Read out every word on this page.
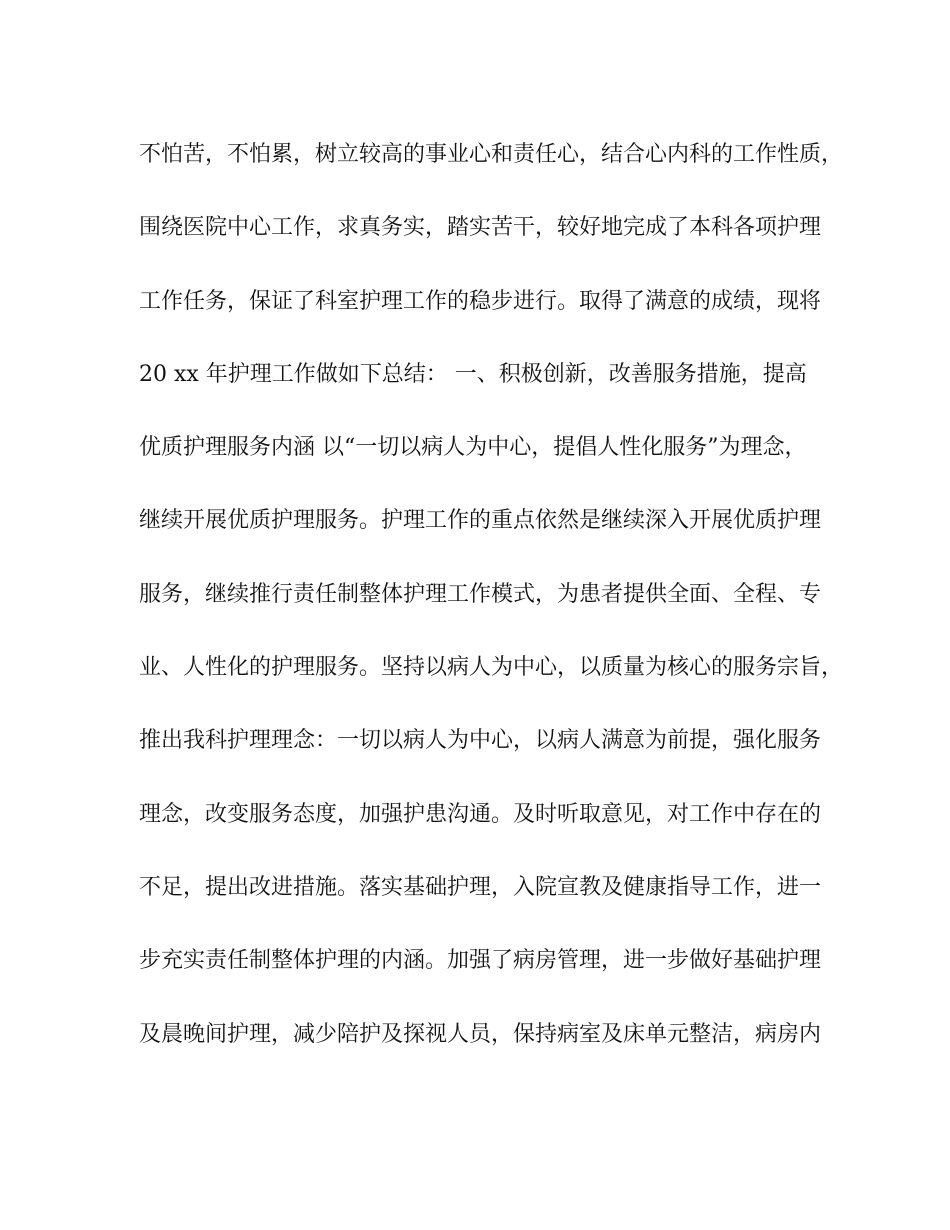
不怕苦，不怕累，树立较高的事业心和责任心，结合心内科的工作性质，
围绕医院中心工作，求真务实，踏实苦干，较好地完成了本科各项护理
工作任务，保证了科室护理工作的稳步进行。取得了满意的成绩，现将
20 xx 年护理工作做如下总结： 一、积极创新，改善服务措施，提高
优质护理服务内涵 以“一切以病人为中心，提倡人性化服务”为理念，
继续开展优质护理服务。护理工作的重点依然是继续深入开展优质护理
服务，继续推行责任制整体护理工作模式，为患者提供全面、全程、专
业、人性化的护理服务。坚持以病人为中心，以质量为核心的服务宗旨，
推出我科护理理念：一切以病人为中心，以病人满意为前提，强化服务
理念，改变服务态度，加强护患沟通。及时听取意见，对工作中存在的
不足，提出改进措施。落实基础护理，入院宣教及健康指导工作，进一
步充实责任制整体护理的内涵。加强了病房管理，进一步做好基础护理
及晨晚间护理，减少陪护及探视人员，保持病室及床单元整洁，病房内
